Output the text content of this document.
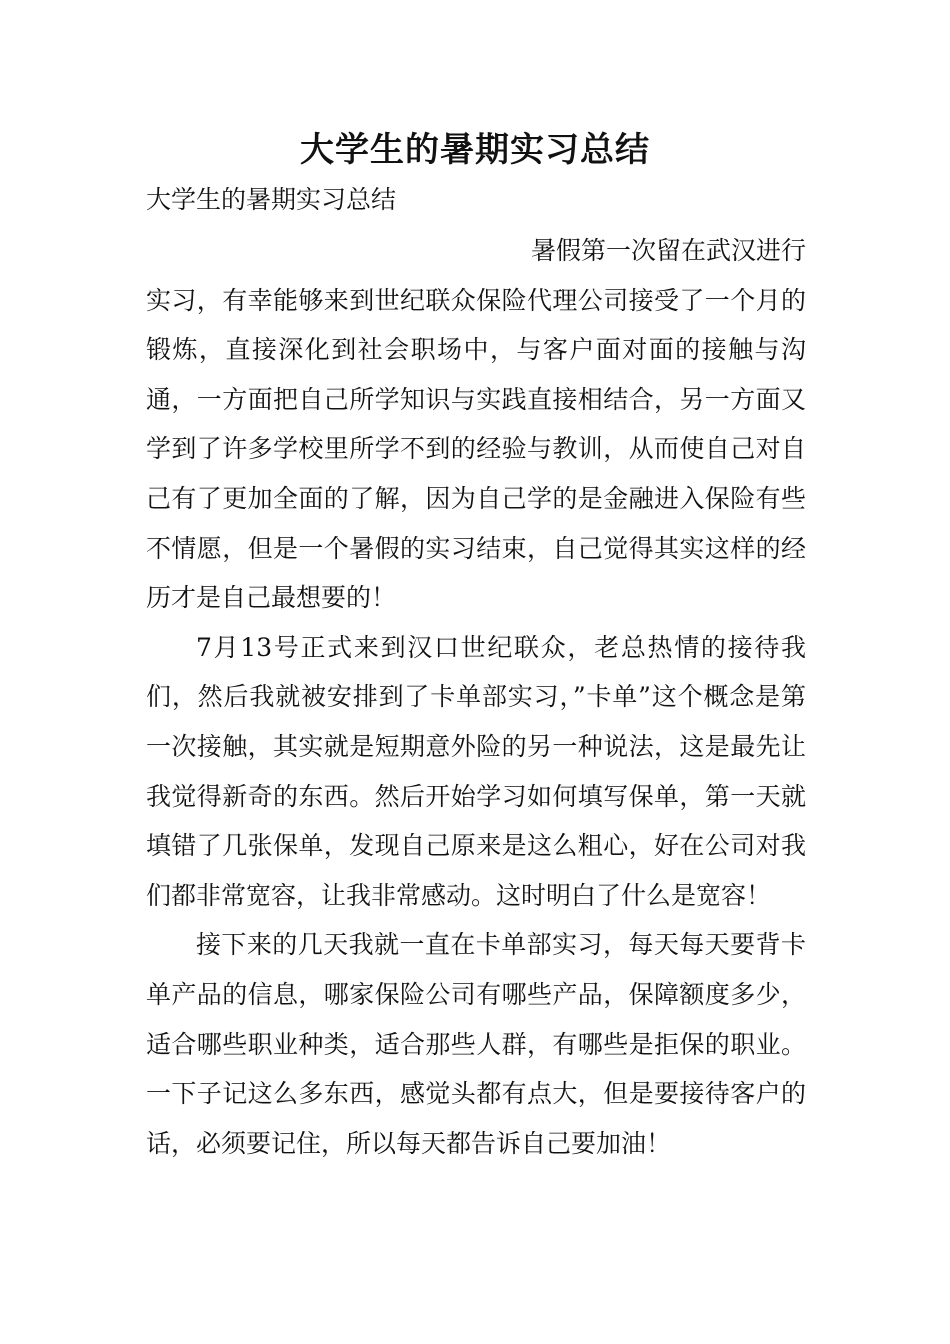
大学生的暑期实习总结
大学生的暑期实习总结

暑假第一次留在武汉进行
实习，有幸能够来到世纪联众保险代理公司接受了一个月的锻炼，直接深化到社会职场中，与客户面对面的接触与沟通，一方面把自己所学知识与实践直接相结合，另一方面又学到了许多学校里所学不到的经验与教训，从而使自己对自己有了更加全面的了解，因为自己学的是金融进入保险有些不情愿，但是一个暑假的实习结束，自己觉得其实这样的经历才是自己最想要的！

7月13号正式来到汉口世纪联众，老总热情的接待我们，然后我就被安排到了卡单部实习，”卡单”这个概念是第一次接触，其实就是短期意外险的另一种说法，这是最先让我觉得新奇的东西。然后开始学习如何填写保单，第一天就填错了几张保单，发现自己原来是这么粗心，好在公司对我们都非常宽容，让我非常感动。这时明白了什么是宽容！

接下来的几天我就一直在卡单部实习，每天每天要背卡单产品的信息，哪家保险公司有哪些产品，保障额度多少，适合哪些职业种类，适合那些人群，有哪些是拒保的职业。一下子记这么多东西，感觉头都有点大，但是要接待客户的话，必须要记住，所以每天都告诉自己要加油！
